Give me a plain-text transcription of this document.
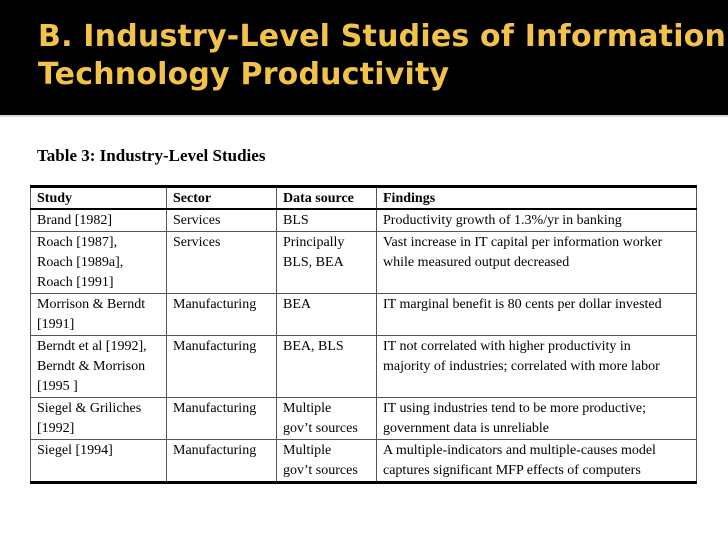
B. Industry-Level Studies of Information
Technology Productivity

Table 3: Industry-Level Studies

Study	Sector	Data source	Findings

Brand [1982]	Services	BLS	Productivity growth of 1.3%/yr in banking

Roach [1987],
Roach [1989a],
Roach [1991]	Services	Principally
BLS, BEA	Vast increase in IT capital per information worker
while measured output decreased

Morrison & Berndt
[1991]	Manufacturing	BEA	IT marginal benefit is 80 cents per dollar invested

Berndt et al [1992],
Berndt & Morrison
[1995 ]	Manufacturing	BEA, BLS	IT not correlated with higher productivity in
majority of industries; correlated with more labor

Siegel & Griliches
[1992]	Manufacturing	Multiple
gov’t sources	IT using industries tend to be more productive;
government data is unreliable

Siegel [1994]	Manufacturing	Multiple
gov’t sources	A multiple-indicators and multiple-causes model
captures significant MFP effects of computers
